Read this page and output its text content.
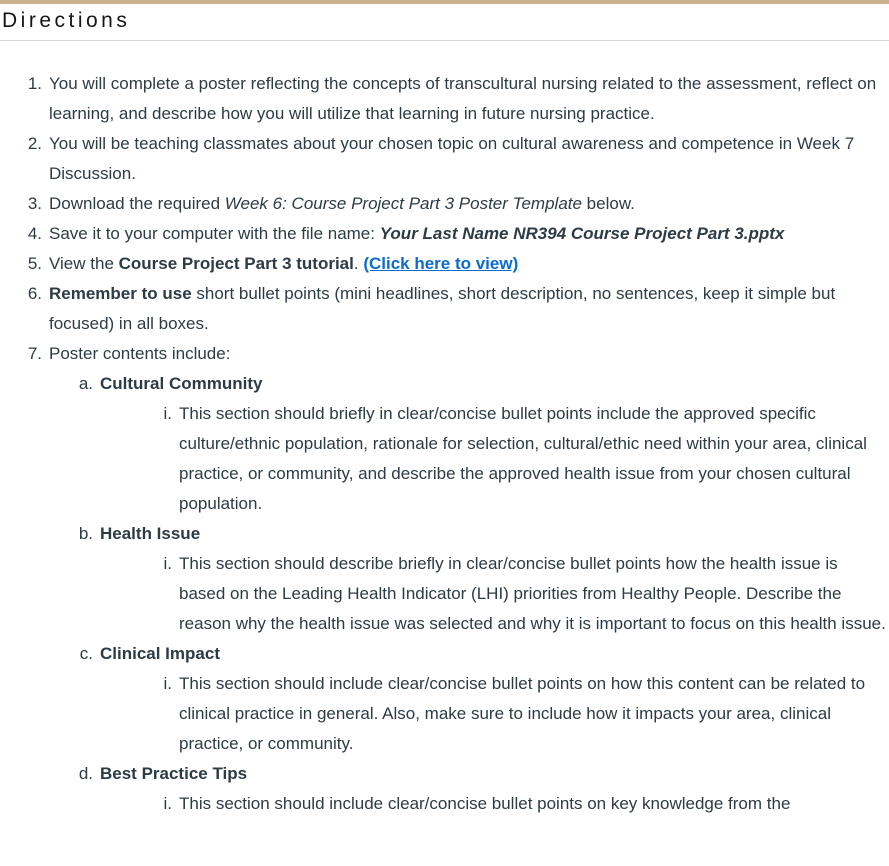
Directions
1. You will complete a poster reflecting the concepts of transcultural nursing related to the assessment, reflect on learning, and describe how you will utilize that learning in future nursing practice.
2. You will be teaching classmates about your chosen topic on cultural awareness and competence in Week 7 Discussion.
3. Download the required Week 6: Course Project Part 3 Poster Template below.
4. Save it to your computer with the file name: Your Last Name NR394 Course Project Part 3.pptx
5. View the Course Project Part 3 tutorial. (Click here to view)
6. Remember to use short bullet points (mini headlines, short description, no sentences, keep it simple but focused) in all boxes.
7. Poster contents include:
a. Cultural Community
i. This section should briefly in clear/concise bullet points include the approved specific culture/ethnic population, rationale for selection, cultural/ethic need within your area, clinical practice, or community, and describe the approved health issue from your chosen cultural population.
b. Health Issue
i. This section should describe briefly in clear/concise bullet points how the health issue is based on the Leading Health Indicator (LHI) priorities from Healthy People. Describe the reason why the health issue was selected and why it is important to focus on this health issue.
c. Clinical Impact
i. This section should include clear/concise bullet points on how this content can be related to clinical practice in general. Also, make sure to include how it impacts your area, clinical practice, or community.
d. Best Practice Tips
i. This section should include clear/concise bullet points on key knowledge from the
